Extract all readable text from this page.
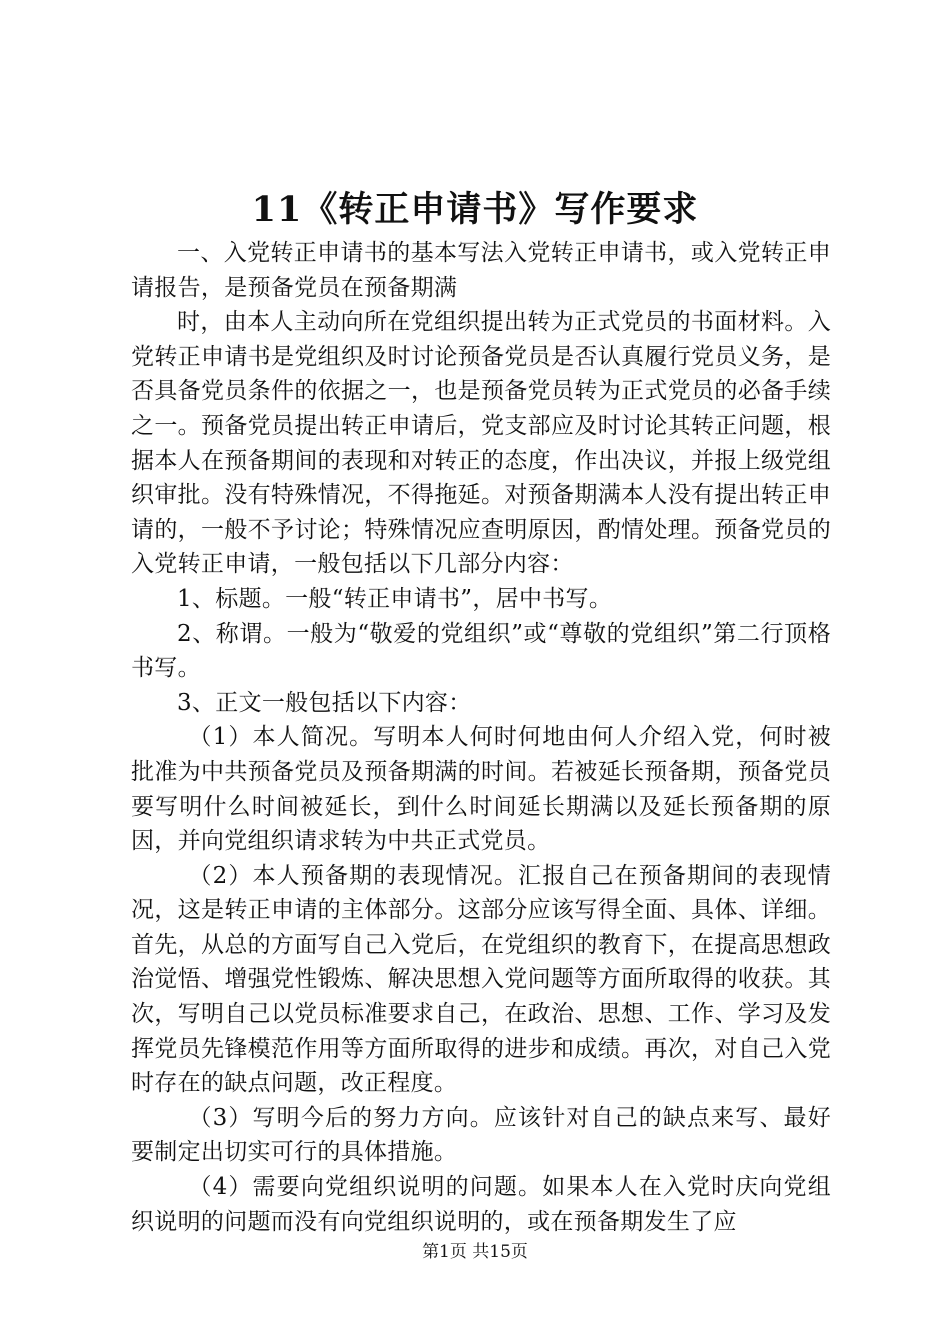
11《转正申请书》写作要求

一、入党转正申请书的基本写法入党转正申请书，或入党转正申请报告，是预备党员在预备期满

时，由本人主动向所在党组织提出转为正式党员的书面材料。入党转正申请书是党组织及时讨论预备党员是否认真履行党员义务，是否具备党员条件的依据之一，也是预备党员转为正式党员的必备手续之一。预备党员提出转正申请后，党支部应及时讨论其转正问题，根据本人在预备期间的表现和对转正的态度，作出决议，并报上级党组织审批。没有特殊情况，不得拖延。对预备期满本人没有提出转正申请的，一般不予讨论；特殊情况应查明原因，酌情处理。预备党员的入党转正申请，一般包括以下几部分内容：

1、标题。一般“转正申请书”，居中书写。

2、称谓。一般为“敬爱的党组织”或“尊敬的党组织”第二行顶格书写。

3、正文一般包括以下内容：

（1）本人简况。写明本人何时何地由何人介绍入党，何时被批准为中共预备党员及预备期满的时间。若被延长预备期，预备党员要写明什么时间被延长，到什么时间延长期满以及延长预备期的原因，并向党组织请求转为中共正式党员。

（2）本人预备期的表现情况。汇报自己在预备期间的表现情况，这是转正申请的主体部分。这部分应该写得全面、具体、详细。首先，从总的方面写自己入党后，在党组织的教育下，在提高思想政治觉悟、增强党性锻炼、解决思想入党问题等方面所取得的收获。其次，写明自己以党员标准要求自己，在政治、思想、工作、学习及发挥党员先锋模范作用等方面所取得的进步和成绩。再次，对自己入党时存在的缺点问题，改正程度。

（3）写明今后的努力方向。应该针对自己的缺点来写、最好要制定出切实可行的具体措施。

（4）需要向党组织说明的问题。如果本人在入党时庆向党组织说明的问题而没有向党组织说明的，或在预备期发生了应

第1页 共15页
